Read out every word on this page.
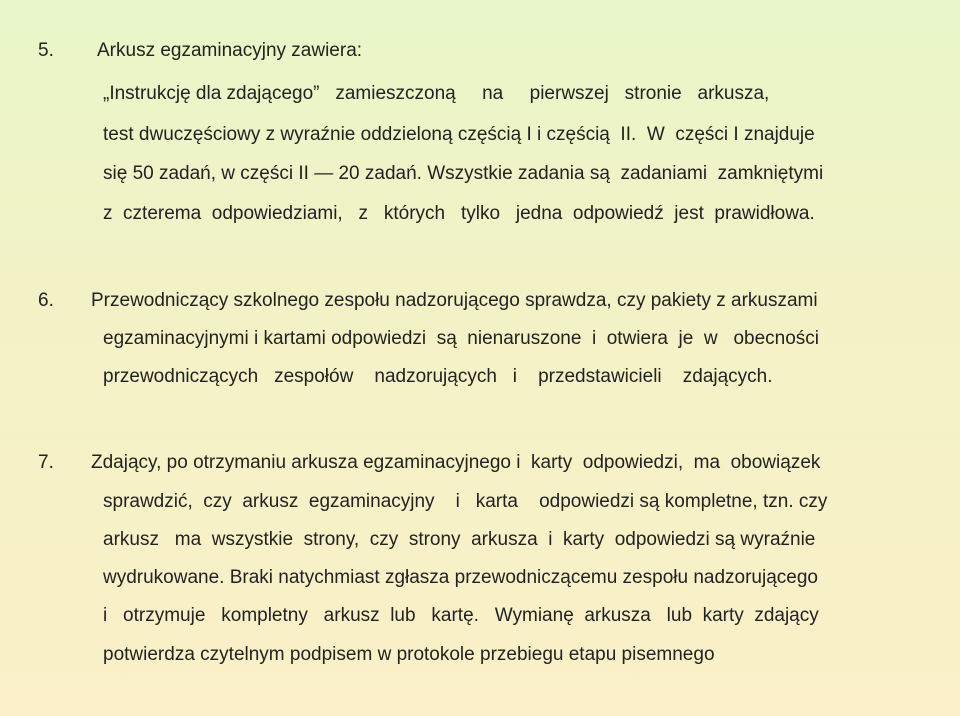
5. Arkusz egzaminacyjny zawiera:
„Instrukcję dla zdającego”   zamieszczoną     na     pierwszej   stronie   arkusza,
test dwuczęściowy z wyraźnie oddzieloną częścią I i częścią  II.  W  części I znajduje
się 50 zadań, w części II — 20 zadań. Wszystkie zadania są  zadaniami  zamkniętymi
z  czterema  odpowiedziami,   z   których   tylko   jedna  odpowiedź  jest  prawidłowa.
6. Przewodniczący szkolnego zespołu nadzorującego sprawdza, czy pakiety z arkuszami
egzaminacyjnymi i kartami odpowiedzi  są  nienaruszone  i  otwiera  je  w   obecności
przewodniczących   zespołów    nadzorujących   i    przedstawicieli    zdających.
7. Zdający, po otrzymaniu arkusza egzaminacyjnego i  karty  odpowiedzi,  ma  obowiązek
sprawdzić,  czy  arkusz  egzaminacyjny    i   karta    odpowiedzi są kompletne, tzn. czy
arkusz   ma  wszystkie  strony,  czy  strony  arkusza  i  karty  odpowiedzi są wyraźnie
wydrukowane. Braki natychmiast zgłasza przewodniczącemu zespołu nadzorującego
i   otrzymuje   kompletny   arkusz  lub   kartę.   Wymianę  arkusza   lub  karty  zdający
potwierdza czytelnym podpisem w protokole przebiegu etapu pisemnego
